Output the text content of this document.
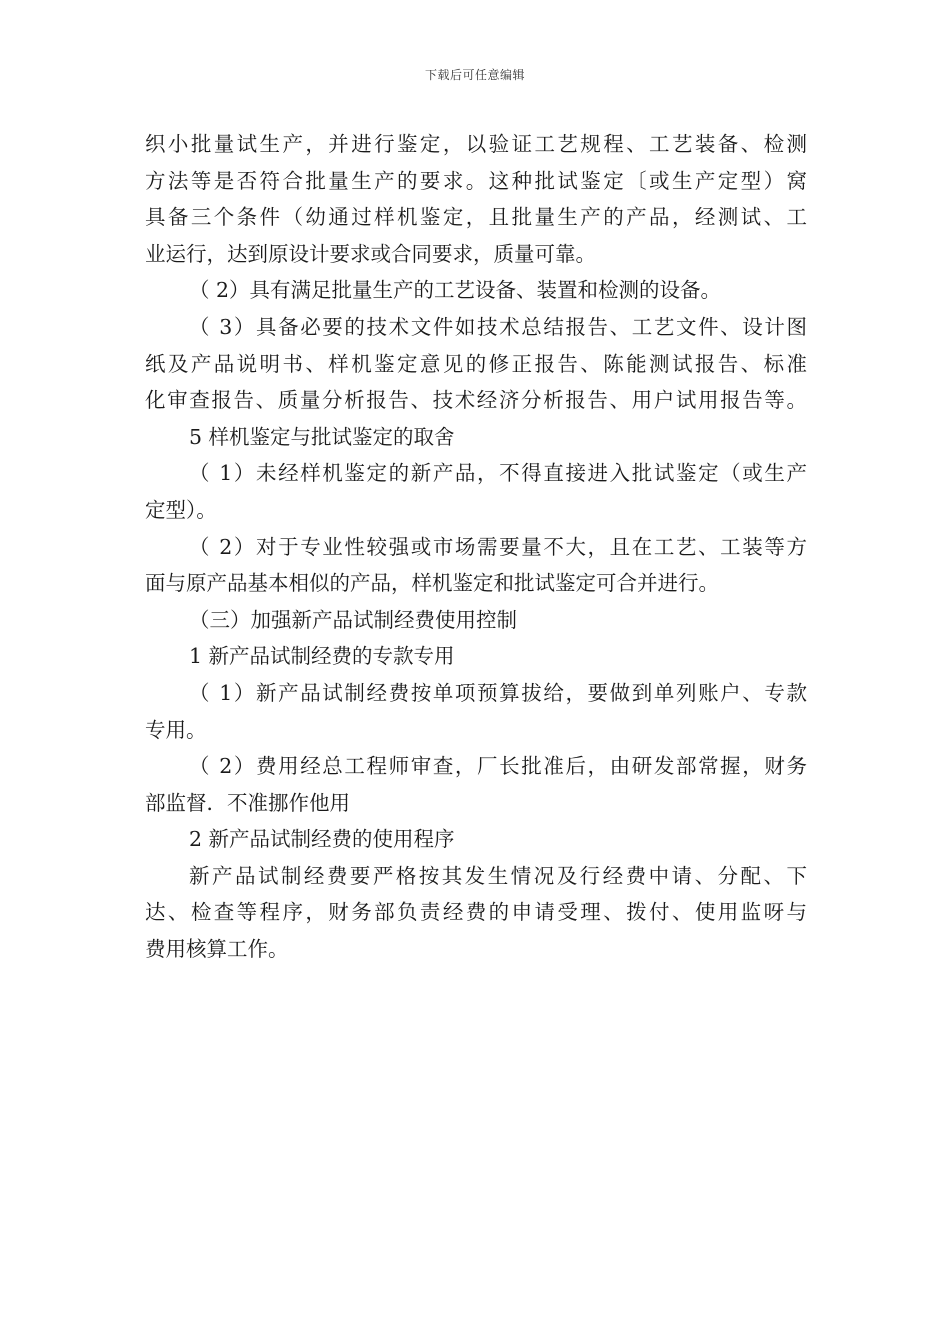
下载后可任意编辑
织小批量试生产，并进行鉴定，以验证工艺规程、工艺装备、检测
方法等是否符合批量生产的要求。这种批试鉴定〔或生产定型）窝
具备三个条件（幼通过样机鉴定，且批量生产的产品，经测试、工
业运行，达到原设计要求或合同要求，质量可靠。
（ 2）具有满足批量生产的工艺设备、装置和检测的设备。
（ 3）具备必要的技术文件如技术总结报告、工艺文件、设计图
纸及产品说明书、样机鉴定意见的修正报告、陈能测试报告、标准
化审查报告、质量分析报告、技术经济分析报告、用户试用报告等。
5 样机鉴定与批试鉴定的取舍
（ 1）未经样机鉴定的新产品，不得直接进入批试鉴定（或生产
定型）。
（ 2）对于专业性较强或市场需要量不大，且在工艺、工装等方
面与原产品基本相似的产品，样机鉴定和批试鉴定可合并进行。
（三）加强新产品试制经费使用控制
1 新产品试制经费的专款专用
（ 1）新产品试制经费按单项预算拔给，要做到单列账户、专款
专用。
（ 2）费用经总工程师审查，厂长批准后，由研发部常握，财务
部监督．不准挪作他用
2 新产品试制经费的使用程序
新产品试制经费要严格按其发生情况及行经费中请、分配、下
达、检查等程序，财务部负责经费的申请受理、拨付、使用监呀与
费用核算工作。
